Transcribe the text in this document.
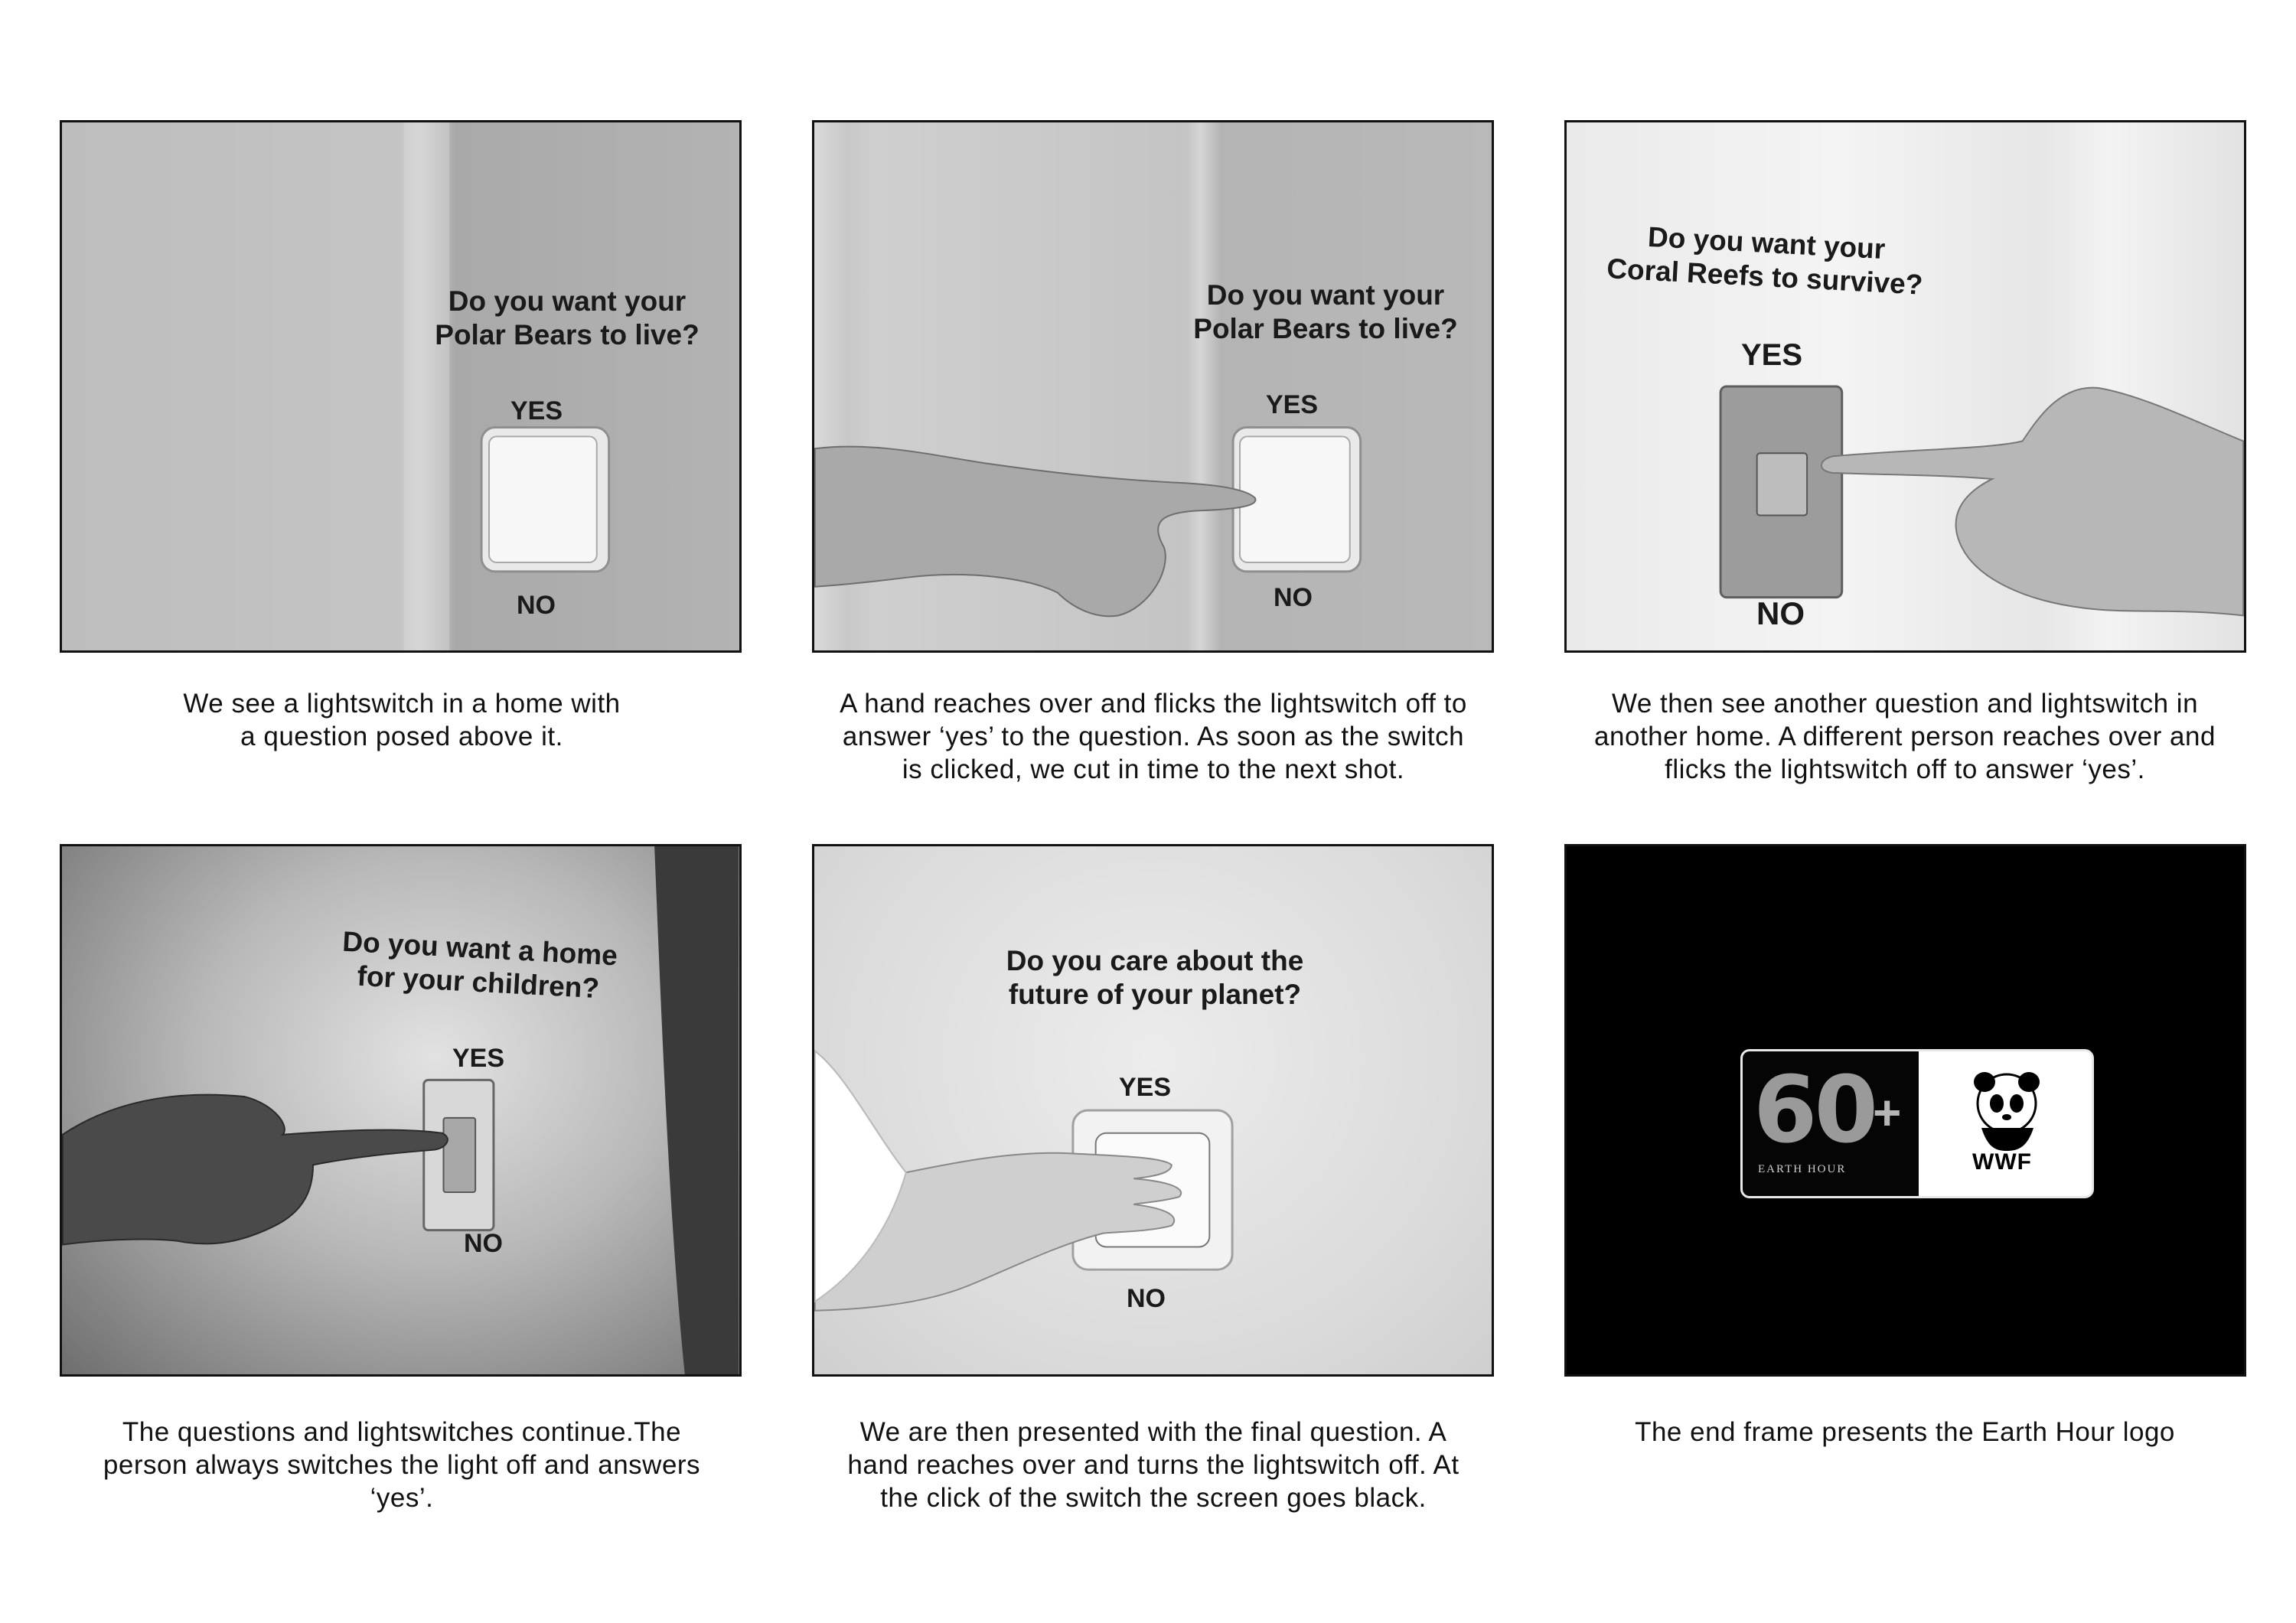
Do you want your
Polar Bears to live?
YES
NO
We see a lightswitch in a home with
a question posed above it.
Do you want your
Polar Bears to live?
YES
NO
A hand reaches over and flicks the lightswitch off to
answer ‘yes’ to the question. As soon as the switch
is clicked, we cut in time to the next shot.
Do you want your
Coral Reefs to survive?
YES
NO
We then see another question and lightswitch in
another home. A different person reaches over and
flicks the lightswitch off to answer ‘yes’.
Do you want a home
for your children?
YES
NO
The questions and lightswitches continue.The
person always switches the light off and answers
‘yes’.
Do you care about the
future of your planet?
YES
NO
We are then presented with the final question. A
hand reaches over and turns the lightswitch off. At
the click of the switch the screen goes black.
60
+
EARTH HOUR	WWF
The end frame presents the Earth Hour logo
